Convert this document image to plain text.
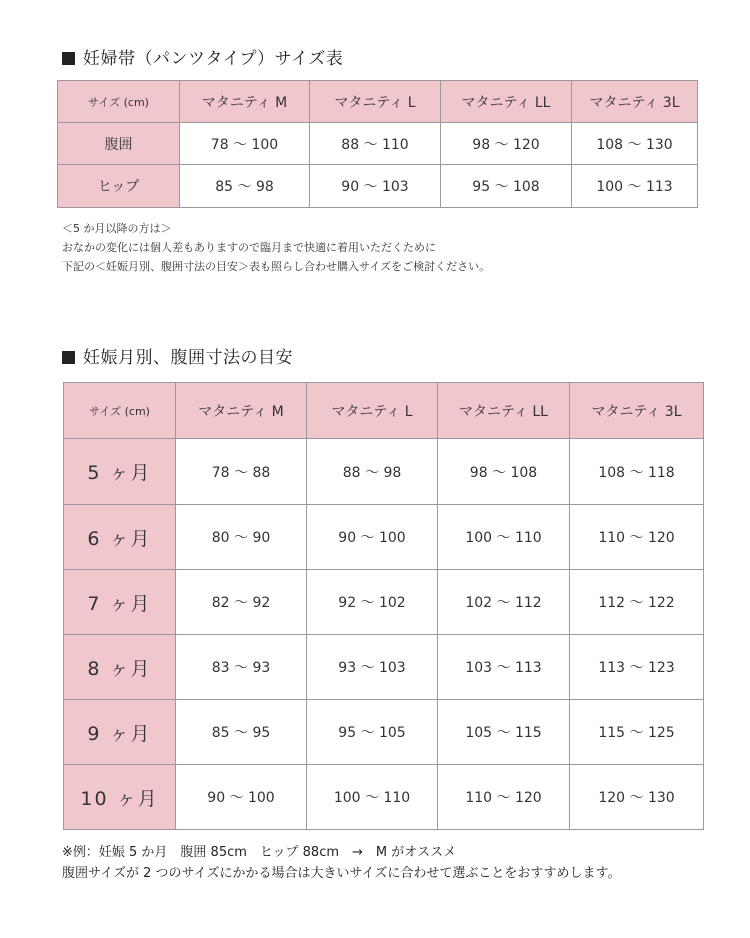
妊婦帯（パンツタイプ）サイズ表
サイズ (cm)	マタニティ M	マタニティ L	マタニティ LL	マタニティ 3L
腹囲	78 〜 100	88 〜 110	98 〜 120	108 〜 130
ヒップ	85 〜 98	90 〜 103	95 〜 108	100 〜 113
＜5 か月以降の方は＞
おなかの変化には個人差もありますので臨月まで快適に着用いただくために
下記の＜妊娠月別、腹囲寸法の目安＞表も照らし合わせ購入サイズをご検討ください。
妊娠月別、腹囲寸法の目安
サイズ (cm)	マタニティ M	マタニティ L	マタニティ LL	マタニティ 3L
5 ヶ月	78 〜 88	88 〜 98	98 〜 108	108 〜 118
6 ヶ月	80 〜 90	90 〜 100	100 〜 110	110 〜 120
7 ヶ月	82 〜 92	92 〜 102	102 〜 112	112 〜 122
8 ヶ月	83 〜 93	93 〜 103	103 〜 113	113 〜 123
9 ヶ月	85 〜 95	95 〜 105	105 〜 115	115 〜 125
10 ヶ月	90 〜 100	100 〜 110	110 〜 120	120 〜 130
※例：妊娠 5 か月　腹囲 85cm　ヒップ 88cm　→　M がオススメ
腹囲サイズが 2 つのサイズにかかる場合は大きいサイズに合わせて選ぶことをおすすめします。
